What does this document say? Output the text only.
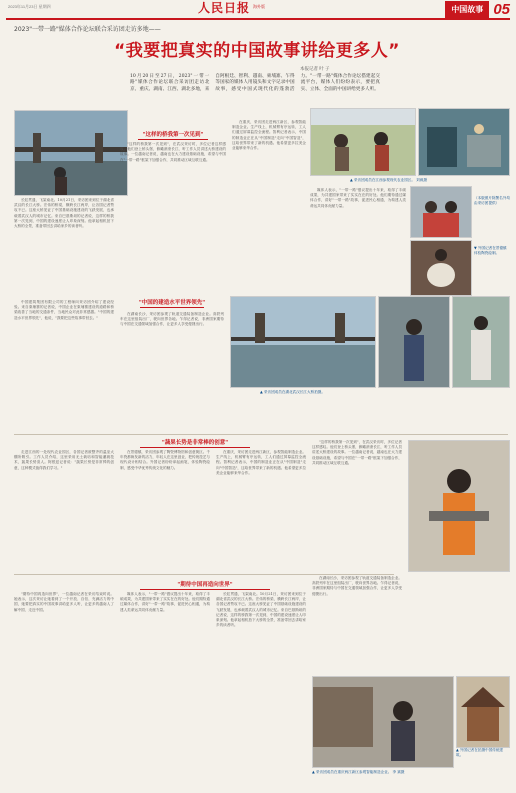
2023年11月23日 星期四	人民日报 海外版	中国故事 05
2023"一带一路"媒体合作论坛联合采访团走访多地——
“我要把真实的中国故事讲给更多人”
本报记者 叶 子
10月20日至27日，2023"一带一路"媒体合作论坛联合采访团走访北京、重庆、湖南、江西、湖北多地，来自阿根廷、智利、越南、柬埔寨、乍得等国家的媒体人用镜头和文字记录中国故事，感受中国式现代化的蓬勃活力。"一带一路"媒体合作论坛搭建起交流平台，媒体人们纷纷表示，要把真实、立体、全面的中国讲给更多人听。

长虹贯通，飞架南北。10月21日，采访团来到位于湖北省武汉的长江大桥。宏伟的桥梁，横跨长江两岸，让各国记者赞叹不已。这座大桥见证了中国基础设施建设的飞跃发展，也承载着武汉人的城市记忆。来自巴基斯坦的记者说，这样的桥我第一次见到，中国的建设速度让人印象深刻。他拿起相机拍下大桥的全景，准备带回去讲给家乡的读者听。

"这样的桥我第一次见到"

"这样的桥我第一次见到"，在武汉采访时，多位记者这样感叹。他们登上桥头堡，俯瞰滚滚长江，听工作人员讲述大桥建设的故事。一位越南记者说，越南也在大力建设基础设施，希望与中国在"一带一路"框架下加强合作，共同推动区域互联互通。

在重庆，采访团走进两江新区，参观智能制造企业。生产线上，机械臂有序运转，工人们通过屏幕监控全流程。智利记者表示，中国的制造业正在从"中国制造"走向"中国智造"，这给世界带来了新的机遇。他希望更多拉美企业能够来华合作。

▲ 采访团成员在江西参观现代农业园区。 刘威摄

媒体人表示，"一带一路"倡议提出十年来，取得了丰硕成果，为共建国家带来了实实在在的好处。他们期待通过媒体合作，讲好"一带一路"故事，促进民心相通，为构建人类命运共同体贡献力量。

（本版照片除署名外均由采访团提供）
▼ 外国记者在景德镇体验陶瓷绘制。
▲ 采访团成员在湖北武汉长江大桥拍摄。
"中国的建造水平世界领先"

中国建筑集团有限公司的工程师向采访团介绍了建设经验。来自柬埔寨的记者说，中国企业在柬埔寨建设的道路和桥梁改善了当地的交通条件，当地民众对此非常感激。"中国的建造水平世界领先"，他说，"我要把这些故事带回去。"

在湖南长沙，采访团参观了轨道交通装备制造企业。高铁列车在这里组装出厂，驶向世界各地。乍得记者说，非洲国家期待与中国在交通领域加强合作，让更多人享受便捷出行。

"蔬果长势是非常棒的创意"

走进江西的一处现代农业园区，各国记者被整齐的温室大棚所吸引。工作人员介绍，这里采用无土栽培和智能灌溉技术，蔬果长势喜人。阿根廷记者说："蔬果长势是非常棒的创意，这种模式值得我们学习。"

在景德镇，采访团参观了陶瓷博物馆和创意街区。千年瓷都焕发新的活力，年轻人在这里创业，把传统技艺与现代设计相结合。外国记者纷纷拿起画笔，体验陶瓷绘制，感受中华优秀传统文化的魅力。

在重庆，采访团走进两江新区，参观智能制造企业。生产线上，机械臂有序运转，工人们通过屏幕监控全流程。智利记者表示，中国的制造业正在从"中国制造"走向"中国智造"，这给世界带来了新的机遇。他希望更多拉美企业能够来华合作。

"这样的桥我第一次见到"，在武汉采访时，多位记者这样感叹。他们登上桥头堡，俯瞰滚滚长江，听工作人员讲述大桥建设的故事。一位越南记者说，越南也在大力建设基础设施，希望与中国在"一带一路"框架下加强合作，共同推动区域互联互通。

"期待中国再造向世界"

"期待中国再造向世界"，一位越南记者在采访结束时说。她表示，这次采访让她看到了一个开放、自信、充满活力的中国，她要把真实的中国故事讲给更多人听，让更多的越南人了解中国、走近中国。

媒体人表示，"一带一路"倡议提出十年来，取得了丰硕成果，为共建国家带来了实实在在的好处。他们期待通过媒体合作，讲好"一带一路"故事，促进民心相通，为构建人类命运共同体贡献力量。

长虹贯通，飞架南北。10月21日，采访团来到位于湖北省武汉的长江大桥。宏伟的桥梁，横跨长江两岸，让各国记者赞叹不已。这座大桥见证了中国基础设施建设的飞跃发展，也承载着武汉人的城市记忆。来自巴基斯坦的记者说，这样的桥我第一次见到，中国的建设速度让人印象深刻。他拿起相机拍下大桥的全景，准备带回去讲给家乡的读者听。

在湖南长沙，采访团参观了轨道交通装备制造企业。高铁列车在这里组装出厂，驶向世界各地。乍得记者说，非洲国家期待与中国在交通领域加强合作，让更多人享受便捷出行。

▲ 采访团成员在重庆两江新区参观智能制造企业。 李 斌摄
▲ 外国记者在拍摄中国传统建筑。
